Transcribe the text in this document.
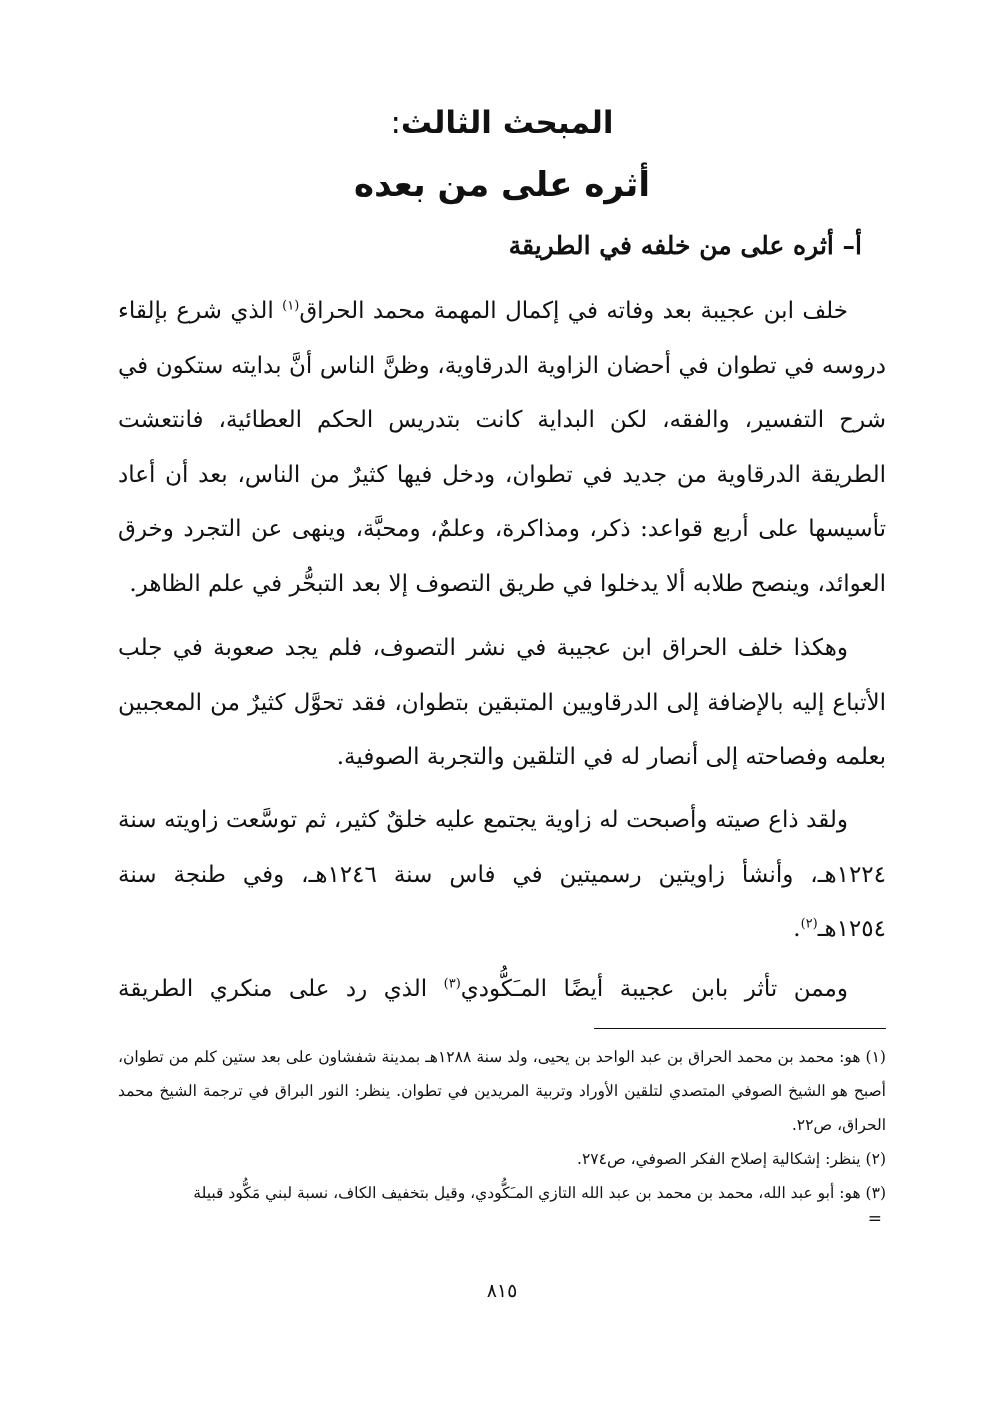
المبحث الثالث:
أثره على من بعده
أ– أثره على من خلفه في الطريقة

خلف ابن عجيبة بعد وفاته في إكمال المهمة محمد الحراق$^{(١)}$ الذي شرع بإلقاء دروسه في تطوان في أحضان الزاوية الدرقاوية، وظنَّ الناس أنَّ بدايته ستكون في شرح التفسير، والفقه، لكن البداية كانت بتدريس الحكم العطائية، فانتعشت الطريقة الدرقاوية من جديد في تطوان، ودخل فيها كثيرٌ من الناس، بعد أن أعاد تأسيسها على أربع قواعد: ذكر، ومذاكرة، وعلمٌ، ومحبَّة، وينهى عن التجرد وخرق العوائد، وينصح طلابه ألا يدخلوا في طريق التصوف إلا بعد التبحُّر في علم الظاهر.

وهكذا خلف الحراق ابن عجيبة في نشر التصوف، فلم يجد صعوبة في جلب الأتباع إليه بالإضافة إلى الدرقاويين المتبقين بتطوان، فقد تحوَّل كثيرٌ من المعجبين بعلمه وفصاحته إلى أنصار له في التلقين والتجربة الصوفية.

ولقد ذاع صيته وأصبحت له زاوية يجتمع عليه خلقٌ كثير، ثم توسَّعت زاويته سنة ١٢٢٤هـ، وأنشأ زاويتين رسميتين في فاس سنة ١٢٤٦هـ، وفي طنجة سنة ١٢٥٤هـ$^{(٢)}$.

وممن تأثر بابن عجيبة أيضًا المـَكُّودي$^{(٣)}$ الذي رد على منكري الطريقة

(١) هو: محمد بن محمد الحراق بن عبد الواحد بن يحيى، ولد سنة ١٢٨٨هـ بمدينة شفشاون على بعد ستين كلم من تطوان، أصبح هو الشيخ الصوفي المتصدي لتلقين الأوراد وتربية المريدين في تطوان. ينظر: النور البراق في ترجمة الشيخ محمد الحراق، ص٢٢.

(٢) ينظر: إشكالية إصلاح الفكر الصوفي، ص٢٧٤.

(٣) هو: أبو عبد الله، محمد بن محمد بن عبد الله التازي المـَكُّودي، وقيل بتخفيف الكاف، نسبة لبني مَكُّود قبيلة

=

٨١٥
